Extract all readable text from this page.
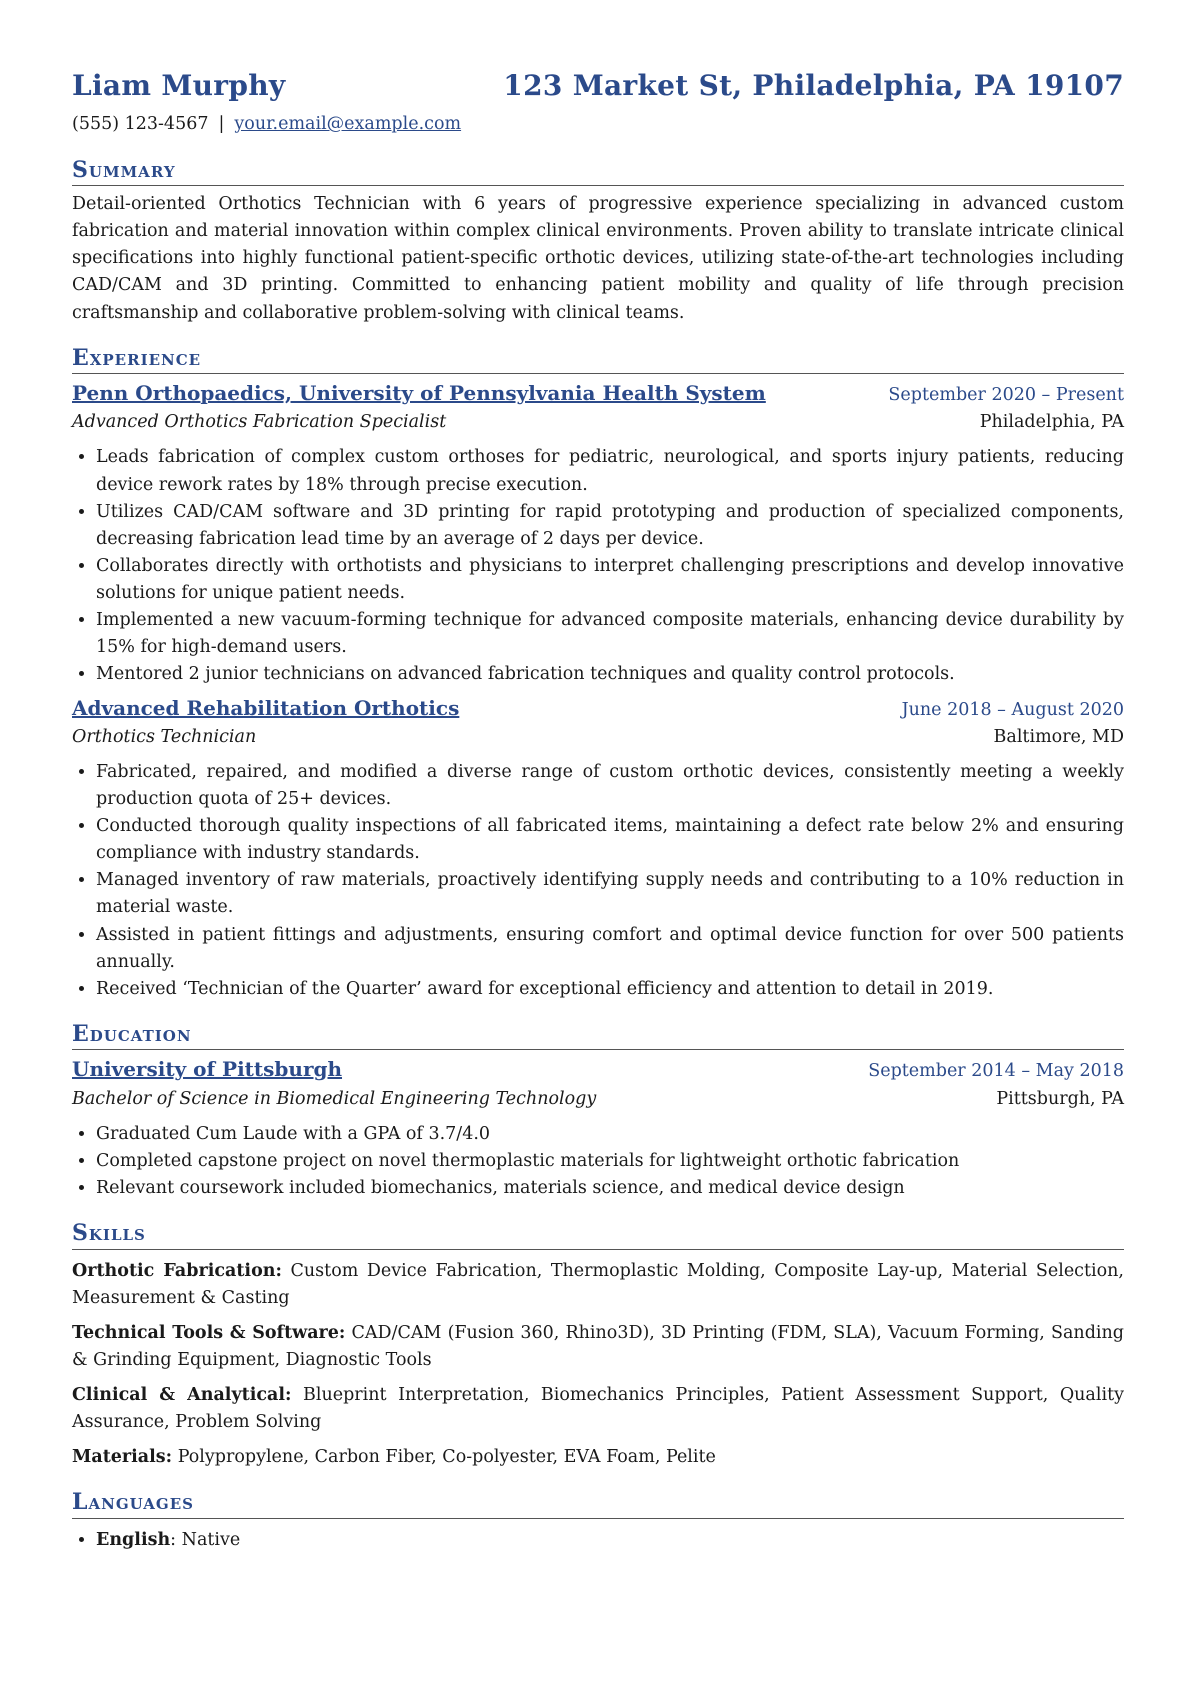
Liam Murphy	123 Market St, Philadelphia, PA 19107
(555) 123-4567 | your.email@example.com
Summary
Detail-oriented Orthotics Technician with 6 years of progressive experience specializing in advanced custom fabrication and material innovation within complex clinical environments. Proven ability to translate intricate clinical specifications into highly functional patient-specific orthotic devices, utilizing state-of-the-art technologies including CAD/CAM and 3D printing. Committed to enhancing patient mobility and quality of life through precision craftsmanship and collaborative problem-solving with clinical teams.
Experience
Penn Orthopaedics, University of Pennsylvania Health System	September 2020 – Present
Advanced Orthotics Fabrication Specialist	Philadelphia, PA
• Leads fabrication of complex custom orthoses for pediatric, neurological, and sports injury patients, reducing device rework rates by 18% through precise execution.
• Utilizes CAD/CAM software and 3D printing for rapid prototyping and production of specialized components, decreasing fabrication lead time by an average of 2 days per device.
• Collaborates directly with orthotists and physicians to interpret challenging prescriptions and develop innovative solutions for unique patient needs.
• Implemented a new vacuum-forming technique for advanced composite materials, enhancing device durability by 15% for high-demand users.
• Mentored 2 junior technicians on advanced fabrication techniques and quality control protocols.
Advanced Rehabilitation Orthotics	June 2018 – August 2020
Orthotics Technician	Baltimore, MD
• Fabricated, repaired, and modified a diverse range of custom orthotic devices, consistently meeting a weekly production quota of 25+ devices.
• Conducted thorough quality inspections of all fabricated items, maintaining a defect rate below 2% and ensuring compliance with industry standards.
• Managed inventory of raw materials, proactively identifying supply needs and contributing to a 10% reduction in material waste.
• Assisted in patient fittings and adjustments, ensuring comfort and optimal device function for over 500 patients annually.
• Received ‘Technician of the Quarter’ award for exceptional efficiency and attention to detail in 2019.
Education
University of Pittsburgh	September 2014 – May 2018
Bachelor of Science in Biomedical Engineering Technology	Pittsburgh, PA
• Graduated Cum Laude with a GPA of 3.7/4.0
• Completed capstone project on novel thermoplastic materials for lightweight orthotic fabrication
• Relevant coursework included biomechanics, materials science, and medical device design
Skills
Orthotic Fabrication: Custom Device Fabrication, Thermoplastic Molding, Composite Lay-up, Material Selection, Measurement & Casting
Technical Tools & Software: CAD/CAM (Fusion 360, Rhino3D), 3D Printing (FDM, SLA), Vacuum Forming, Sanding & Grinding Equipment, Diagnostic Tools
Clinical & Analytical: Blueprint Interpretation, Biomechanics Principles, Patient Assessment Support, Quality Assurance, Problem Solving
Materials: Polypropylene, Carbon Fiber, Co-polyester, EVA Foam, Pelite
Languages
• English: Native
